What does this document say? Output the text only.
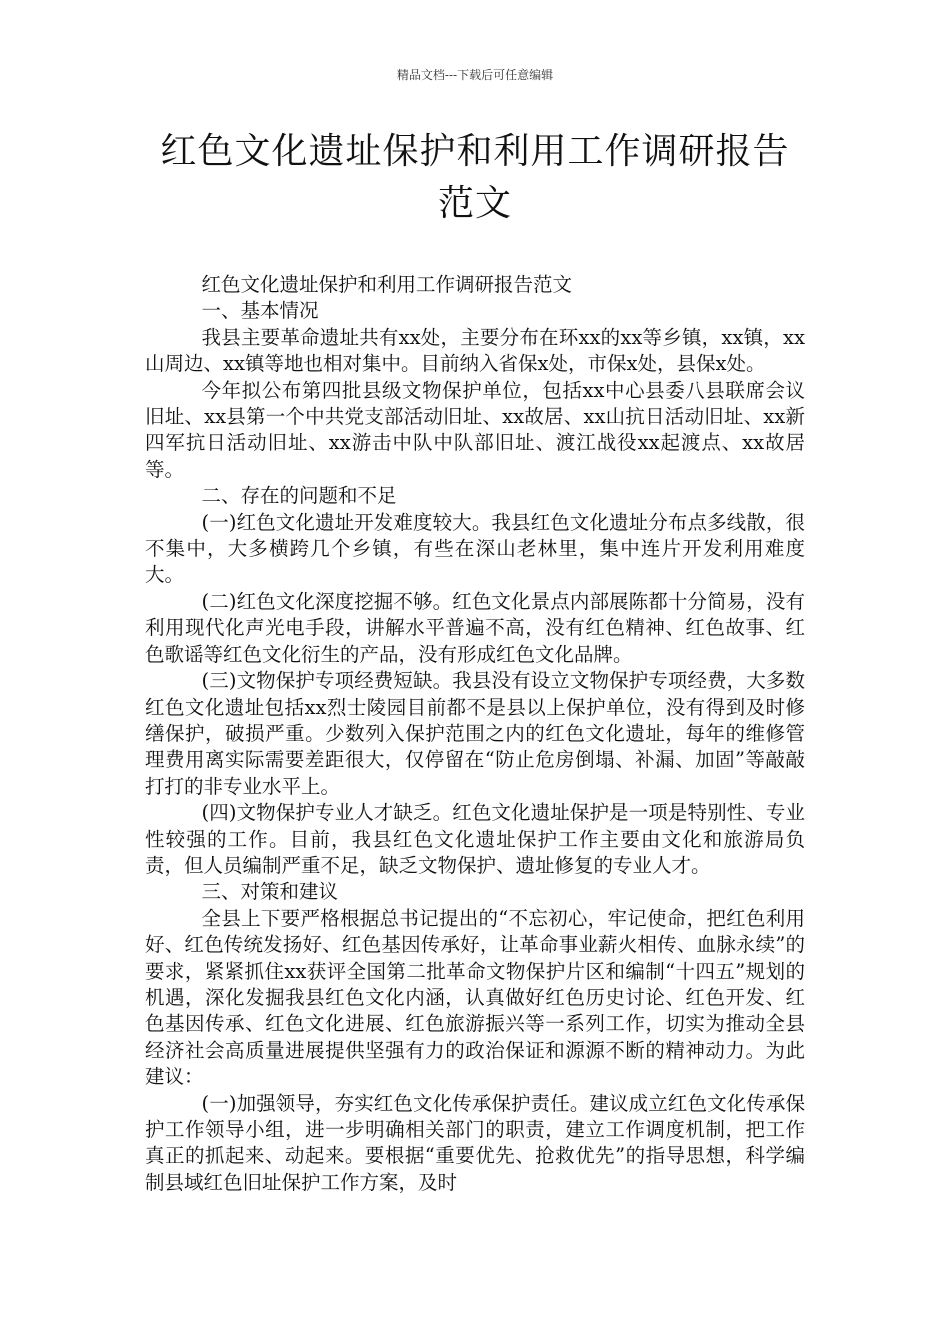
精品文档---下载后可任意编辑
红色文化遗址保护和利用工作调研报告范文

红色文化遗址保护和利用工作调研报告范文

一、基本情况

我县主要革命遗址共有xx处，主要分布在环xx的xx等乡镇，xx镇，xx山周边、xx镇等地也相对集中。目前纳入省保x处，市保x处，县保x处。

今年拟公布第四批县级文物保护单位，包括xx中心县委八县联席会议旧址、xx县第一个中共党支部活动旧址、xx故居、xx山抗日活动旧址、xx新四军抗日活动旧址、xx游击中队中队部旧址、渡江战役xx起渡点、xx故居等。

二、存在的问题和不足

(一)红色文化遗址开发难度较大。我县红色文化遗址分布点多线散，很不集中，大多横跨几个乡镇，有些在深山老林里，集中连片开发利用难度大。

(二)红色文化深度挖掘不够。红色文化景点内部展陈都十分简易，没有利用现代化声光电手段，讲解水平普遍不高，没有红色精神、红色故事、红色歌谣等红色文化衍生的产品，没有形成红色文化品牌。

(三)文物保护专项经费短缺。我县没有设立文物保护专项经费，大多数红色文化遗址包括xx烈士陵园目前都不是县以上保护单位，没有得到及时修缮保护，破损严重。少数列入保护范围之内的红色文化遗址，每年的维修管理费用离实际需要差距很大，仅停留在“防止危房倒塌、补漏、加固”等敲敲打打的非专业水平上。

(四)文物保护专业人才缺乏。红色文化遗址保护是一项是特别性、专业性较强的工作。目前，我县红色文化遗址保护工作主要由文化和旅游局负责，但人员编制严重不足，缺乏文物保护、遗址修复的专业人才。

三、对策和建议

全县上下要严格根据总书记提出的“不忘初心，牢记使命，把红色利用好、红色传统发扬好、红色基因传承好，让革命事业薪火相传、血脉永续”的要求，紧紧抓住xx获评全国第二批革命文物保护片区和编制“十四五”规划的机遇，深化发掘我县红色文化内涵，认真做好红色历史讨论、红色开发、红色基因传承、红色文化进展、红色旅游振兴等一系列工作，切实为推动全县经济社会高质量进展提供坚强有力的政治保证和源源不断的精神动力。为此建议：

(一)加强领导，夯实红色文化传承保护责任。建议成立红色文化传承保护工作领导小组，进一步明确相关部门的职责，建立工作调度机制，把工作真正的抓起来、动起来。要根据“重要优先、抢救优先”的指导思想，科学编制县域红色旧址保护工作方案，及时
